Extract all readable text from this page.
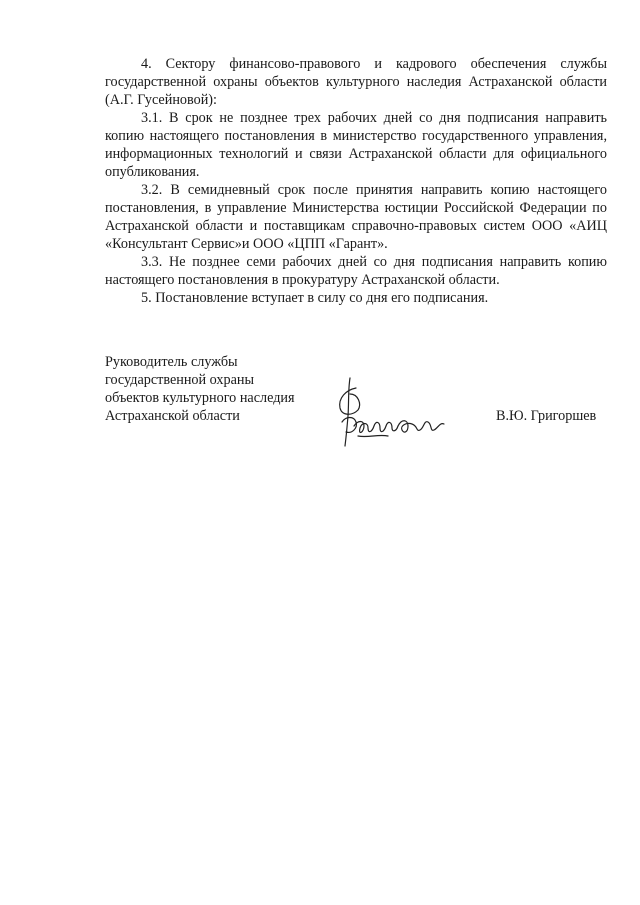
4. Сектору финансово-правового и кадрового обеспечения службы государственной охраны объектов культурного наследия Астраханской области (А.Г. Гусейновой):

3.1. В срок не позднее трех рабочих дней со дня подписания направить копию настоящего постановления в министерство государственного управления, информационных технологий и связи Астраханской области для официального опубликования.

3.2. В семидневный срок после принятия направить копию настоящего постановления, в управление Министерства юстиции Российской Федерации по Астраханской области и поставщикам справочно-правовых систем ООО «АИЦ «Консультант Сервис»и ООО «ЦПП «Гарант».

3.3. Не позднее семи рабочих дней со дня подписания направить копию настоящего постановления в прокуратуру Астраханской области.

5. Постановление вступает в силу со дня его подписания.

Руководитель службы
государственной охраны
объектов культурного наследия
Астраханской области	В.Ю. Григоршев
